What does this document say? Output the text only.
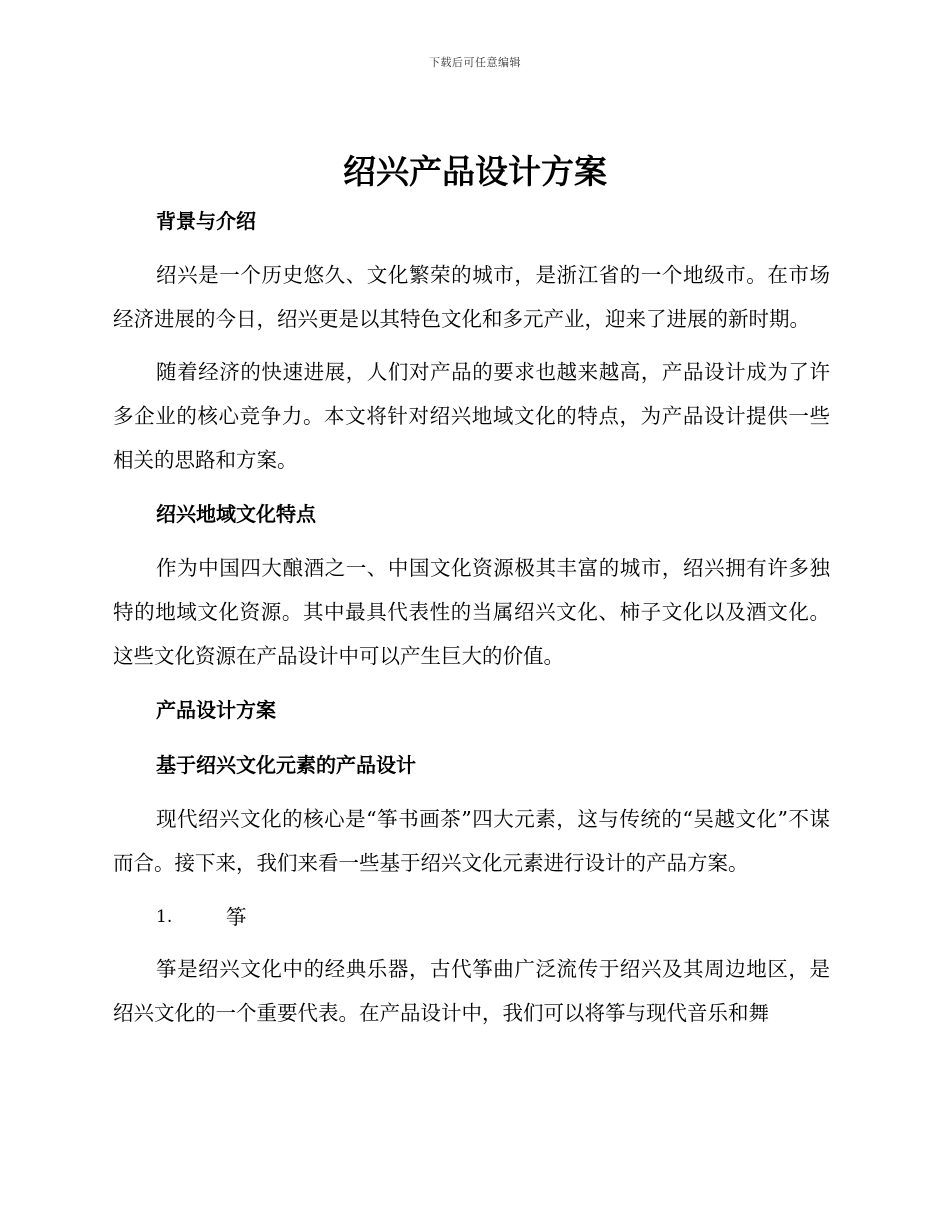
下载后可任意编辑
绍兴产品设计方案
背景与介绍

绍兴是一个历史悠久、文化繁荣的城市，是浙江省的一个地级市。在市场经济进展的今日，绍兴更是以其特色文化和多元产业，迎来了进展的新时期。

随着经济的快速进展，人们对产品的要求也越来越高，产品设计成为了许多企业的核心竞争力。本文将针对绍兴地域文化的特点，为产品设计提供一些相关的思路和方案。

绍兴地域文化特点

作为中国四大酿酒之一、中国文化资源极其丰富的城市，绍兴拥有许多独特的地域文化资源。其中最具代表性的当属绍兴文化、柿子文化以及酒文化。这些文化资源在产品设计中可以产生巨大的价值。

产品设计方案
基于绍兴文化元素的产品设计

现代绍兴文化的核心是“筝书画茶”四大元素，这与传统的“吴越文化”不谋而合。接下来，我们来看一些基于绍兴文化元素进行设计的产品方案。

1.	筝

筝是绍兴文化中的经典乐器，古代筝曲广泛流传于绍兴及其周边地区，是绍兴文化的一个重要代表。在产品设计中，我们可以将筝与现代音乐和舞
